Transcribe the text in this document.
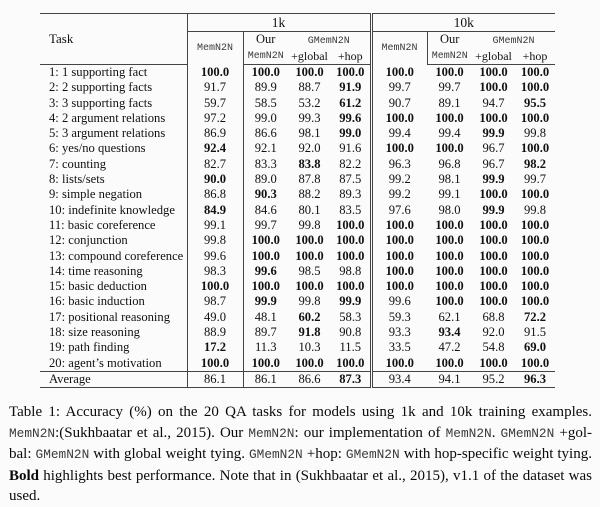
Task	1k				10k			
	MemN2N	Our	GMemN2N		MemN2N	Our	GMemN2N	
		MemN2N	+global	+hop		MemN2N	+global	+hop
1: 1 supporting fact	100.0	100.0	100.0	100.0	100.0	100.0	100.0	100.0
2: 2 supporting facts	91.7	89.9	88.7	91.9	99.7	99.7	100.0	100.0
3: 3 supporting facts	59.7	58.5	53.2	61.2	90.7	89.1	94.7	95.5
4: 2 argument relations	97.2	99.0	99.3	99.6	100.0	100.0	100.0	100.0
5: 3 argument relations	86.9	86.6	98.1	99.0	99.4	99.4	99.9	99.8
6: yes/no questions	92.4	92.1	92.0	91.6	100.0	100.0	96.7	100.0
7: counting	82.7	83.3	83.8	82.2	96.3	96.8	96.7	98.2
8: lists/sets	90.0	89.0	87.8	87.5	99.2	98.1	99.9	99.7
9: simple negation	86.8	90.3	88.2	89.3	99.2	99.1	100.0	100.0
10: indefinite knowledge	84.9	84.6	80.1	83.5	97.6	98.0	99.9	99.8
11: basic coreference	99.1	99.7	99.8	100.0	100.0	100.0	100.0	100.0
12: conjunction	99.8	100.0	100.0	100.0	100.0	100.0	100.0	100.0
13: compound coreference	99.6	100.0	100.0	100.0	100.0	100.0	100.0	100.0
14: time reasoning	98.3	99.6	98.5	98.8	100.0	100.0	100.0	100.0
15: basic deduction	100.0	100.0	100.0	100.0	100.0	100.0	100.0	100.0
16: basic induction	98.7	99.9	99.8	99.9	99.6	100.0	100.0	100.0
17: positional reasoning	49.0	48.1	60.2	58.3	59.3	62.1	68.8	72.2
18: size reasoning	88.9	89.7	91.8	90.8	93.3	93.4	92.0	91.5
19: path finding	17.2	11.3	10.3	11.5	33.5	47.2	54.8	69.0
20: agent’s motivation	100.0	100.0	100.0	100.0	100.0	100.0	100.0	100.0
Average	86.1	86.1	86.6	87.3	93.4	94.1	95.2	96.3
Table 1: Accuracy (%) on the 20 QA tasks for models using 1k and 10k training examples.
MemN2N:(Sukhbaatar et al., 2015). Our MemN2N: our implementation of MemN2N. GMemN2N +gol-
bal: GMemN2N with global weight tying. GMemN2N +hop: GMemN2N with hop-specific weight tying.
Bold highlights best performance. Note that in (Sukhbaatar et al., 2015), v1.1 of the dataset was used.
